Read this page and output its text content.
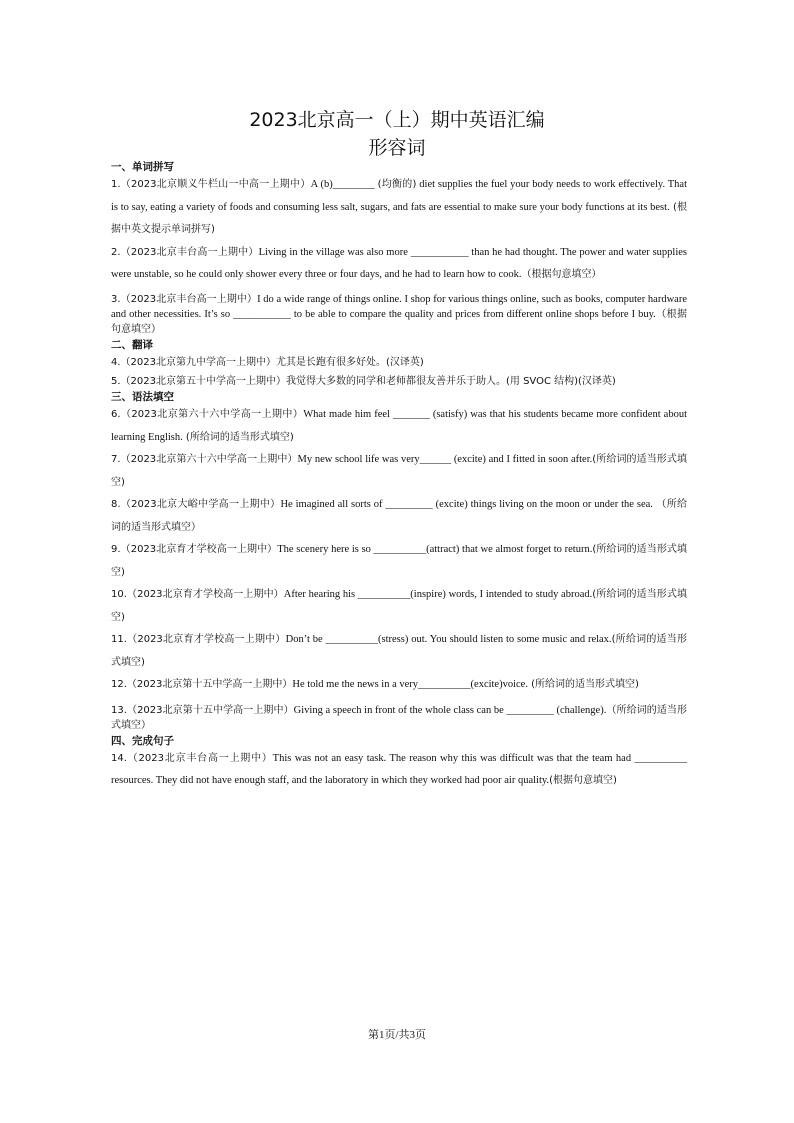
2023北京高一（上）期中英语汇编
形容词

一、单词拼写

1.（2023北京顺义牛栏山一中高一上期中）A (b)________ (均衡的) diet supplies the fuel your body needs to work effectively. That is to say, eating a variety of foods and consuming less salt, sugars, and fats are essential to make sure your body functions at its best. (根据中英文提示单词拼写)

2.（2023北京丰台高一上期中）Living in the village was also more ___________ than he had thought. The power and water supplies were unstable, so he could only shower every three or four days, and he had to learn how to cook.（根据句意填空）

3.（2023北京丰台高一上期中）I do a wide range of things online. I shop for various things online, such as books, computer hardware and other necessities. It’s so ___________ to be able to compare the quality and prices from different online shops before I buy.（根据句意填空）

二、翻译

4.（2023北京第九中学高一上期中）尤其是长跑有很多好处。(汉译英)

5.（2023北京第五十中学高一上期中）我觉得大多数的同学和老师都很友善并乐于助人。(用 SVOC 结构)(汉译英)

三、语法填空

6.（2023北京第六十六中学高一上期中）What made him feel _______ (satisfy) was that his students became more confident about learning English. (所给词的适当形式填空)

7.（2023北京第六十六中学高一上期中）My new school life was very______ (excite) and I fitted in soon after.(所给词的适当形式填空)

8.（2023北京大峪中学高一上期中）He imagined all sorts of _________ (excite) things living on the moon or under the sea. （所给词的适当形式填空）

9.（2023北京育才学校高一上期中）The scenery here is so __________(attract) that we almost forget to return.(所给词的适当形式填空)

10.（2023北京育才学校高一上期中）After hearing his __________(inspire) words, I intended to study abroad.(所给词的适当形式填空)

11.（2023北京育才学校高一上期中）Don’t be __________(stress) out. You should listen to some music and relax.(所给词的适当形式填空)

12.（2023北京第十五中学高一上期中）He told me the news in a very__________(excite)voice. (所给词的适当形式填空)

13.（2023北京第十五中学高一上期中）Giving a speech in front of the whole class can be _________ (challenge).（所给词的适当形式填空）

四、完成句子

14.（2023北京丰台高一上期中）This was not an easy task. The reason why this was difficult was that the team had __________ resources. They did not have enough staff, and the laboratory in which they worked had poor air quality.(根据句意填空)

第1页/共3页
